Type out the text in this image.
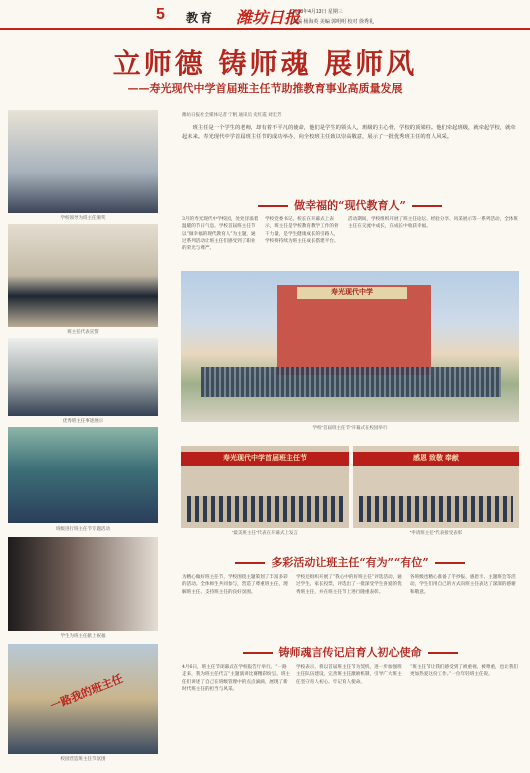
5 教育 潍坊日报
2023年4月13日 星期三
责编 杨海英 美编 郭明明 校对 徐秀礼
立师德 铸师魂 展师风
——寿光现代中学首届班主任节助推教育事业高质量发展
学校领导为班主任颁奖
班主任代表宣誓
优秀班主任事迹展示
班级进行班主任节专题活动
学生为班主任献上祝福
一路我的班主任
校园营造班主任节氛围
潍坊日报社全媒体记者 宁帆 通讯员 史红霞 刘宏芳
班主任是一个学生的老师，却有着不平凡的使命，他们是学生的领头人，班级的主心骨，学校的顶梁柱。他们牵起班级，就牵起学校，就牵起未来。寿光现代中学首届班主任节的成功举办，向全校班主任致以崇高敬意，展示了一批优秀班主任的育人风采。
做幸福的“现代教育人”
3月的寿光现代中学校园，处处洋溢着温暖的节日气息。学校首届班主任节以“做幸福的现代教育人”为主题，通过系列活动让班主任们感受到了职业的荣光与尊严。
学校党委书记、校长在开幕式上表示，班主任是学校教育教学工作的骨干力量，是学生健康成长的引路人，学校将持续为班主任成长搭建平台。
活动期间，学校组织开展了班主任论坛、经验分享、风采展示等一系列活动，全体班主任在交流中成长，在成长中收获幸福。
寿光现代中学
学校“首届班主任节”开幕式在校园举行
寿光现代中学首届班主任节
“最美班主任”代表在开幕式上发言
感恩 致敬 奉献
“申请班主任”代表接受表彰
多彩活动让班主任“有为”“有位”
为精心做好班主任节，学校围绕主题策划了丰富多彩的活动。全体师生共同参与，营造了尊重班主任、理解班主任、支持班主任的良好氛围。
学校还组织开展了“我心中的好班主任”评选活动，通过学生、家长投票，评选出了一批深受学生喜爱的优秀班主任，并在班主任节上进行隆重表彰。
各班级也精心准备了手抄报、感恩卡、主题班会等活动，学生们用自己的方式向班主任表达了深深的感谢和敬意。
铸师魂言传记启育人初心使命
4月6日，班主任节闭幕式在学校报告厅举行。“一路走来，我为班主任代言”主题演讲比赛精彩纷呈。班主任们讲述了自己在班级管理中的点点滴滴，展现了新时代班主任的担当与风采。
学校表示，将以首届班主任节为契机，进一步加强班主任队伍建设，完善班主任激励机制，引导广大班主任坚守育人初心、牢记育人使命。
“班主任节让我们感受到了被重视、被尊重，也让我们更加热爱这份工作。”一位年轻班主任说。
